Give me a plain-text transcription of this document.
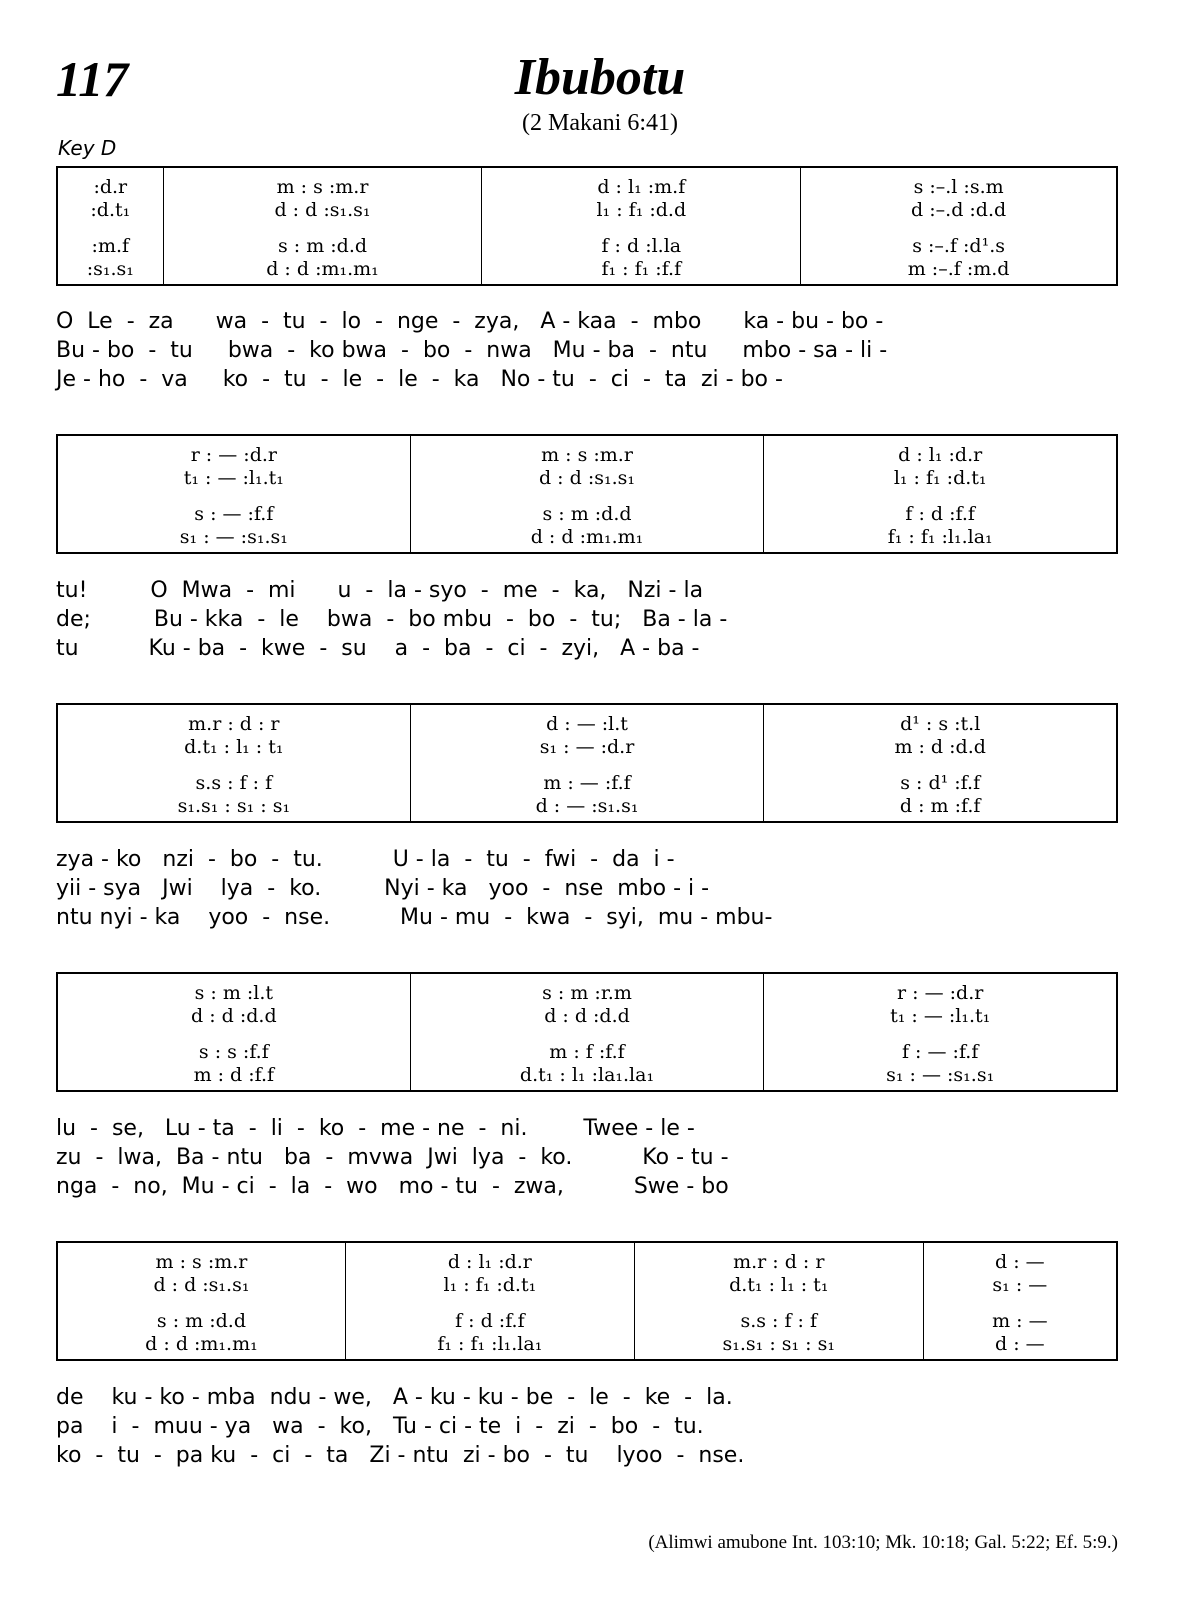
117	Ibubotu
(2 Makani 6:41)
Key D
:d.r
:d.t₁
:m.f
:s₁.s₁
m : s :m.r
d : d :s₁.s₁
s : m :d.d
d : d :m₁.m₁
d : l₁ :m.f
l₁ : f₁ :d.d
f : d :l.la
f₁ : f₁ :f.f
s :–.l :s.m
d :–.d :d.d
s :–.f :d¹.s
m :–.f :m.d
O  Le  -  za      wa  -  tu  -  lo  -  nge  -  zya,   A - kaa  -  mbo      ka - bu - bo -
Bu - bo  -  tu     bwa  -  ko bwa  -  bo  -  nwa   Mu - ba  -  ntu     mbo - sa - li -
Je - ho  -  va     ko  -  tu  -  le  -  le  -  ka   No - tu  -  ci  -  ta  zi - bo -
r : — :d.r
t₁ : — :l₁.t₁
s : — :f.f
s₁ : — :s₁.s₁
m : s :m.r
d : d :s₁.s₁
s : m :d.d
d : d :m₁.m₁
d : l₁ :d.r
l₁ : f₁ :d.t₁
f : d :f.f
f₁ : f₁ :l₁.la₁
tu!         O  Mwa  -  mi      u  -  la - syo  -  me  -  ka,   Nzi - la
de;         Bu - kka  -  le    bwa  -  bo mbu  -  bo  -  tu;   Ba - la -
tu          Ku - ba  -  kwe  -  su    a  -  ba  -  ci  -  zyi,   A - ba -
m.r : d : r
d.t₁ : l₁ : t₁
s.s : f : f
s₁.s₁ : s₁ : s₁
d : — :l.t
s₁ : — :d.r
m : — :f.f
d : — :s₁.s₁
d¹ : s :t.l
m : d :d.d
s : d¹ :f.f
d : m :f.f
zya - ko   nzi  -  bo  -  tu.          U - la  -  tu  -  fwi  -  da  i -
yii - sya   Jwi    lya  -  ko.         Nyi - ka   yoo  -  nse  mbo - i -
ntu nyi - ka    yoo  -  nse.          Mu - mu  -  kwa  -  syi,  mu - mbu-
s : m :l.t
d : d :d.d
s : s :f.f
m : d :f.f
s : m :r.m
d : d :d.d
m : f :f.f
d.t₁ : l₁ :la₁.la₁
r : — :d.r
t₁ : — :l₁.t₁
f : — :f.f
s₁ : — :s₁.s₁
lu  -  se,   Lu - ta  -  li  -  ko  -  me - ne  -  ni.        Twee - le -
zu  -  lwa,  Ba - ntu   ba  -  mvwa  Jwi  lya  -  ko.          Ko - tu -
nga  -  no,  Mu - ci  -  la  -  wo   mo - tu  -  zwa,          Swe - bo
m : s :m.r
d : d :s₁.s₁
s : m :d.d
d : d :m₁.m₁
d : l₁ :d.r
l₁ : f₁ :d.t₁
f : d :f.f
f₁ : f₁ :l₁.la₁
m.r : d : r
d.t₁ : l₁ : t₁
s.s : f : f
s₁.s₁ : s₁ : s₁
d : —
s₁ : —
m : —
d : —
de    ku - ko - mba  ndu - we,   A - ku - ku - be  -  le  -  ke  -  la.
pa    i  -  muu - ya   wa  -  ko,   Tu - ci - te  i  -  zi  -  bo  -  tu.
ko  -  tu  -  pa ku  -  ci  -  ta   Zi - ntu  zi - bo  -  tu    lyoo  -  nse.
(Alimwi amubone Int. 103:10; Mk. 10:18; Gal. 5:22; Ef. 5:9.)
